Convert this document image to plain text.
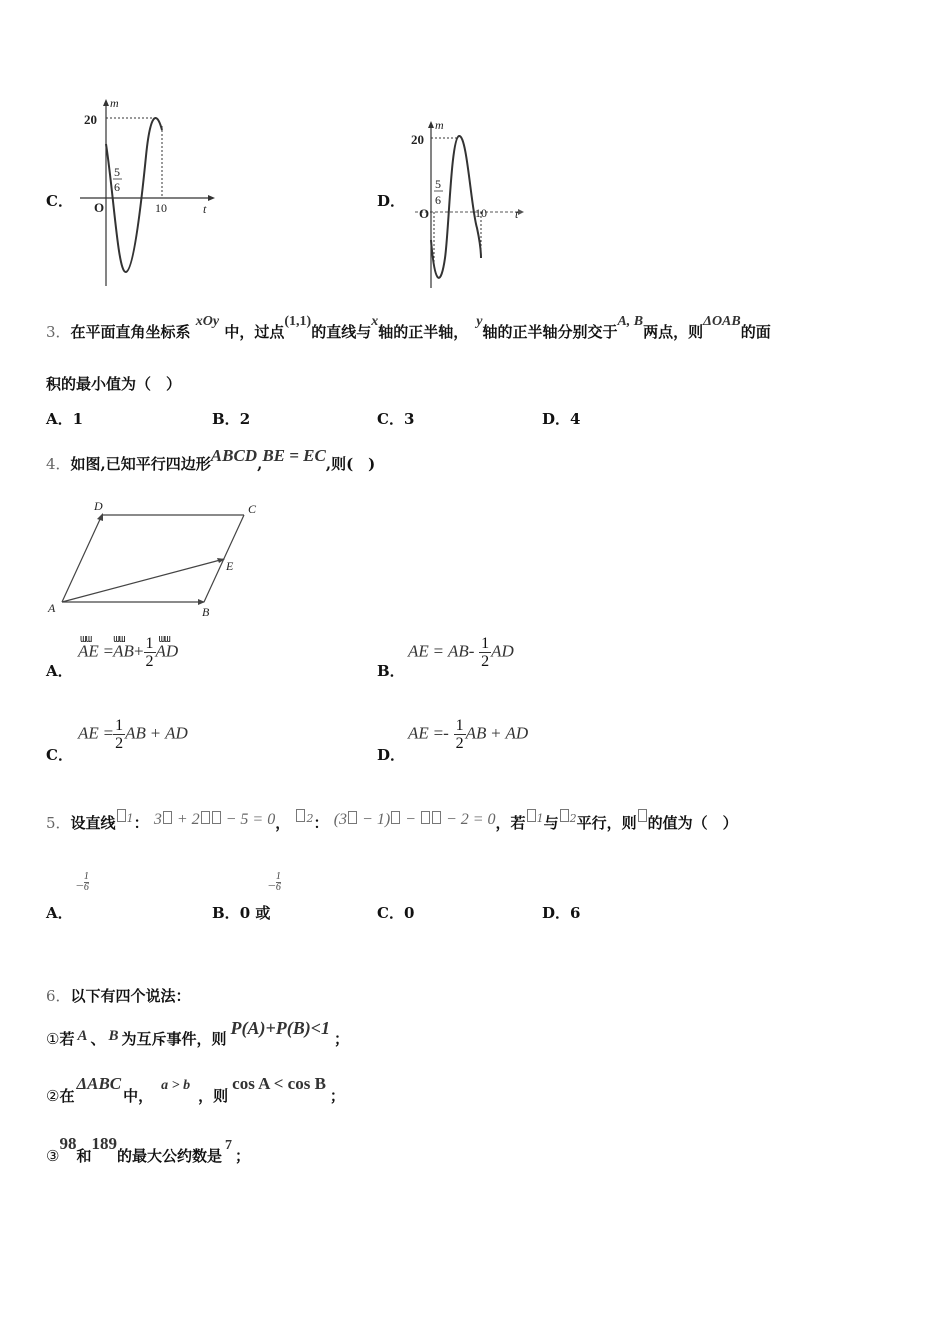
C．
20
m
O
5
6
10	t	D．
20
m
O
5
6
10 t
3．在平面直角坐标系 xOy 中，过点(1,1)的直线与x轴的正半轴，y轴的正半轴分别交于A, B两点，则ΔOAB的面
积的最小值为（　）
A．1	B．2	C．3	D．4
4．如图,已知平行四边形ABCD,BE = EC,则(　)
A	B
C
D
E
A．
ɯɯ ɯɯ	ɯɯ
AE $=AB+ \frac{1}{2}$ AD
B．
AE = $AB- \frac{1}{2}$ AD
C．
AE = $\frac{1}{2}$ AB + AD
D．
AE =- $\frac{1}{2}$ AB + AD
5．设直线 1： 3 + 2 − 5 = 0， 2： (3 − 1) −  − 2 = 0，若 1与 2平行，则 的值为（　）
− $\frac{1}{6}$
A．
− $\frac{1}{6}$
B．0 或	C．0	D．6
6．以下有四个说法：
①若 A 、 B 为互斥事件，则P(A)+P(B)<1；
②在ΔABC中，a > b，则cos A < cos B；
③98和189的最大公约数是7；
